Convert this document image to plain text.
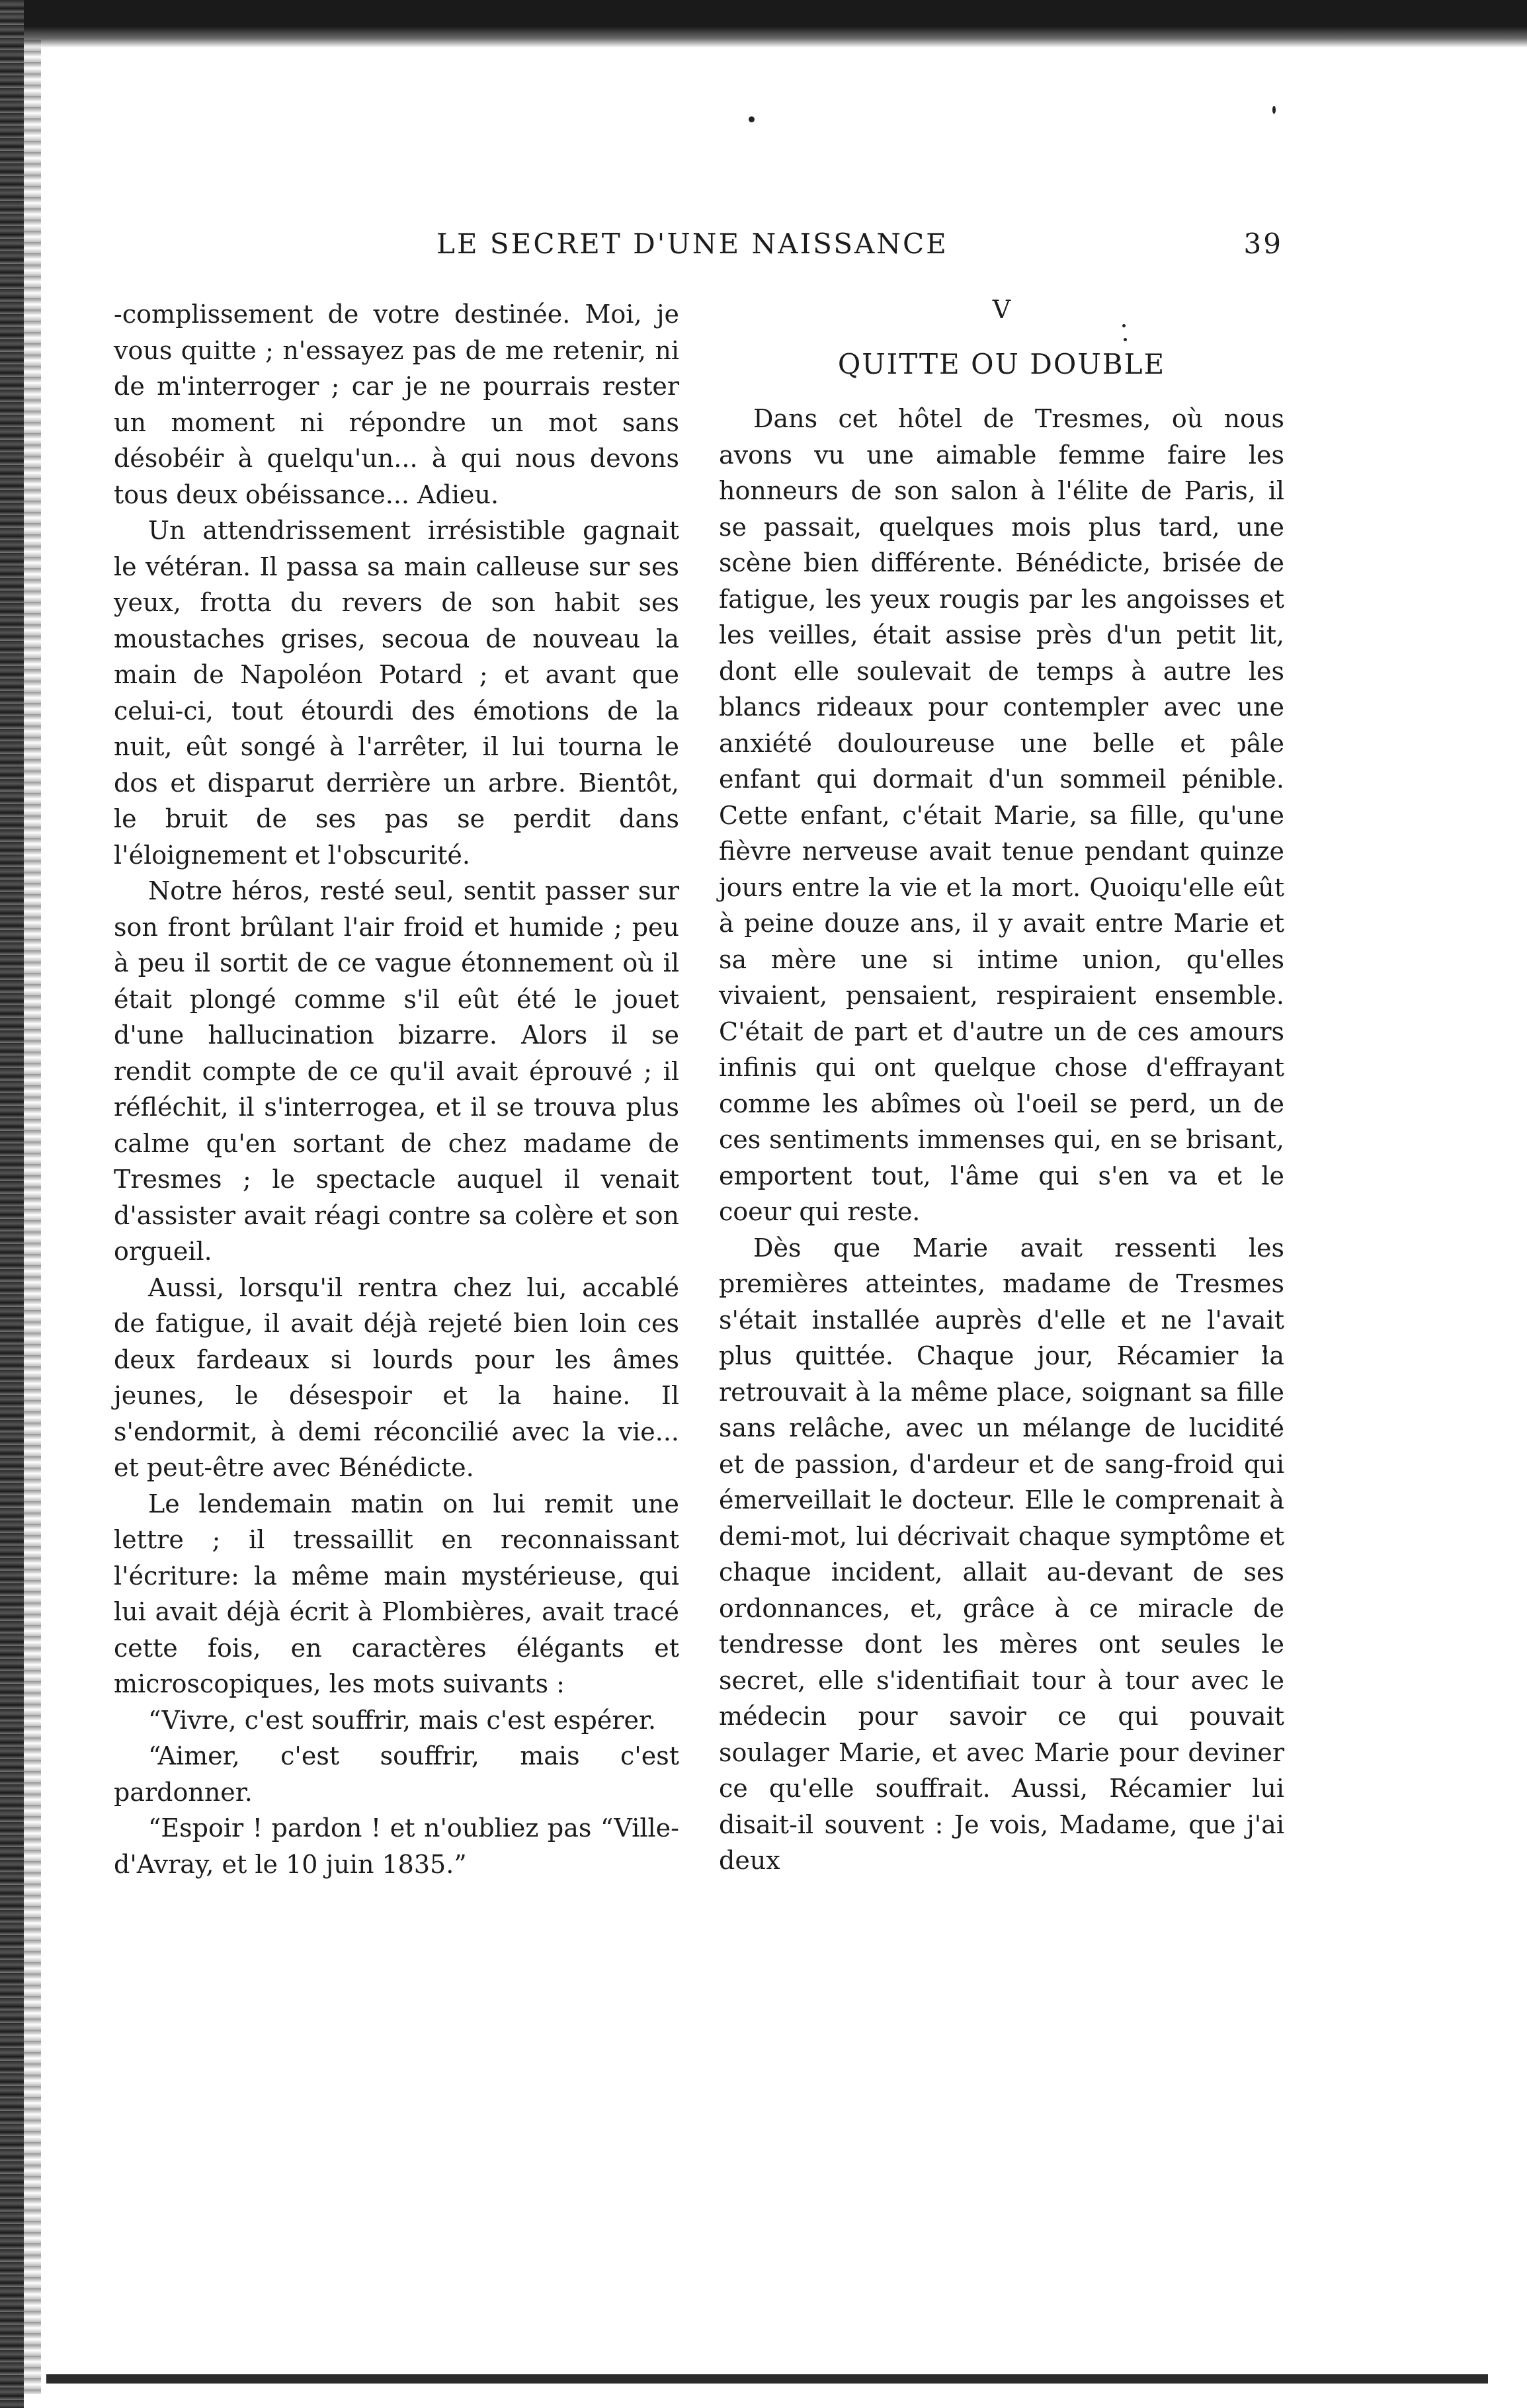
LE SECRET D'UNE NAISSANCE	39

-complissement de votre destinée. Moi, je vous quitte ; n'essayez pas de me retenir, ni de m'interroger ; car je ne pourrais rester un moment ni répondre un mot sans désobéir à quelqu'un... à qui nous devons tous deux obéissance... Adieu.

Un attendrissement irrésistible gagnait le vétéran. Il passa sa main calleuse sur ses yeux, frotta du revers de son habit ses moustaches grises, secoua de nouveau la main de Napoléon Potard ; et avant que celui-ci, tout étourdi des émotions de la nuit, eût songé à l'arrêter, il lui tourna le dos et disparut derrière un arbre. Bientôt, le bruit de ses pas se perdit dans l'éloignement et l'obscurité.

Notre héros, resté seul, sentit passer sur son front brûlant l'air froid et humide ; peu à peu il sortit de ce vague étonnement où il était plongé comme s'il eût été le jouet d'une hallucination bizarre. Alors il se rendit compte de ce qu'il avait éprouvé ; il réfléchit, il s'interrogea, et il se trouva plus calme qu'en sortant de chez madame de Tresmes ; le spectacle auquel il venait d'assister avait réagi contre sa colère et son orgueil.

Aussi, lorsqu'il rentra chez lui, accablé de fatigue, il avait déjà rejeté bien loin ces deux fardeaux si lourds pour les âmes jeunes, le désespoir et la haine. Il s'endormit, à demi réconcilié avec la vie... et peut-être avec Bénédicte.

Le lendemain matin on lui remit une lettre ; il tressaillit en reconnaissant l'écriture: la même main mystérieuse, qui lui avait déjà écrit à Plombières, avait tracé cette fois, en caractères élégants et microscopiques, les mots suivants :

“Vivre, c'est souffrir, mais c'est espérer.

“Aimer, c'est souffrir, mais c'est pardonner.

“Espoir ! pardon ! et n'oubliez pas “Ville-d'Avray, et le 10 juin 1835.”

V
QUITTE OU DOUBLE

Dans cet hôtel de Tresmes, où nous avons vu une aimable femme faire les honneurs de son salon à l'élite de Paris, il se passait, quelques mois plus tard, une scène bien différente. Bénédicte, brisée de fatigue, les yeux rougis par les angoisses et les veilles, était assise près d'un petit lit, dont elle soulevait de temps à autre les blancs rideaux pour contempler avec une anxiété douloureuse une belle et pâle enfant qui dormait d'un sommeil pénible. Cette enfant, c'était Marie, sa fille, qu'une fièvre nerveuse avait tenue pendant quinze jours entre la vie et la mort. Quoiqu'elle eût à peine douze ans, il y avait entre Marie et sa mère une si intime union, qu'elles vivaient, pensaient, respiraient ensemble. C'était de part et d'autre un de ces amours infinis qui ont quelque chose d'effrayant comme les abîmes où l'oeil se perd, un de ces sentiments immenses qui, en se brisant, emportent tout, l'âme qui s'en va et le coeur qui reste.

Dès que Marie avait ressenti les premières atteintes, madame de Tresmes s'était installée auprès d'elle et ne l'avait plus quittée. Chaque jour, Récamier la retrouvait à la même place, soignant sa fille sans relâche, avec un mélange de lucidité et de passion, d'ardeur et de sang-froid qui émerveillait le docteur. Elle le comprenait à demi-mot, lui décrivait chaque symptôme et chaque incident, allait au-devant de ses ordonnances, et, grâce à ce miracle de tendresse dont les mères ont seules le secret, elle s'identifiait tour à tour avec le médecin pour savoir ce qui pouvait soulager Marie, et avec Marie pour deviner ce qu'elle souffrait. Aussi, Récamier lui disait-il souvent : Je vois, Madame, que j'ai deux
